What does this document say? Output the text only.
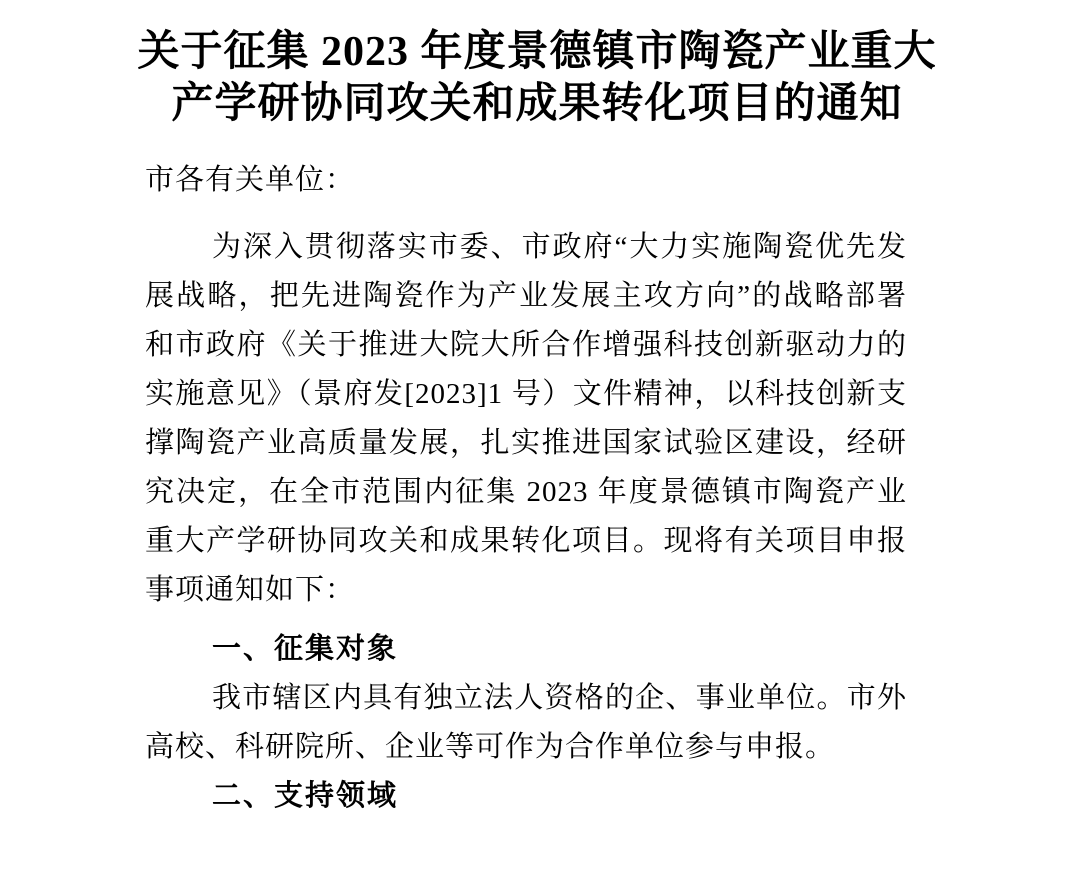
关于征集 2023 年度景德镇市陶瓷产业重大
产学研协同攻关和成果转化项目的通知

市各有关单位：

为深入贯彻落实市委、市政府“大力实施陶瓷优先发展战略，把先进陶瓷作为产业发展主攻方向”的战略部署和市政府《关于推进大院大所合作增强科技创新驱动力的实施意见》（景府发[2023]1 号）文件精神，以科技创新支撑陶瓷产业高质量发展，扎实推进国家试验区建设，经研究决定，在全市范围内征集 2023 年度景德镇市陶瓷产业重大产学研协同攻关和成果转化项目。现将有关项目申报事项通知如下：

一、征集对象

我市辖区内具有独立法人资格的企、事业单位。市外高校、科研院所、企业等可作为合作单位参与申报。

二、支持领域
